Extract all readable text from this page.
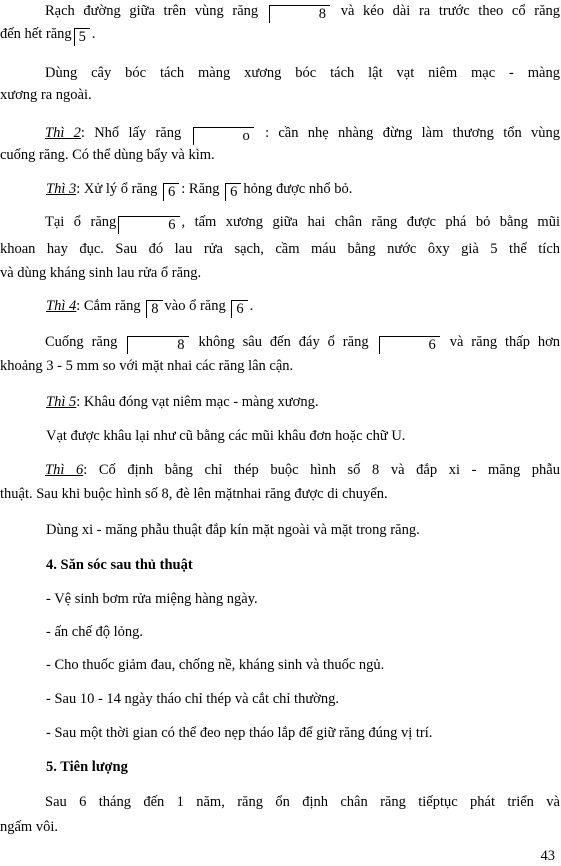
Rạch đường giữa trên vùng răng	8 và kéo dài ra trước theo cổ răng
đến hết răng 5 .
Dùng cây bóc tách màng xương bóc tách lật vạt niêm mạc - màng
xương ra ngoài.
Thì 2: Nhổ lấy răng	o : cần nhẹ nhàng đừng làm thương tổn vùng
cuống răng. Có thể dùng bẩy và kìm.
Thì 3: Xử lý ổ răng 6 : Răng 6 hỏng được nhổ bỏ.
Tại ổ răng	6 , tấm xương giữa hai chân răng được phá bỏ bằng mũi
khoan hay đục. Sau đó lau rửa sạch, cầm máu bằng nước ôxy già 5 thể tích
và dùng kháng sinh lau rửa ổ răng.
Thì 4: Cắm răng 8 vào ổ răng 6 .
Cuống răng	8 không sâu đến đáy ổ răng	6 và răng thấp hơn
khoảng 3 - 5 mm so với mặt nhai các răng lân cận.
Thì 5: Khâu đóng vạt niêm mạc - màng xương.
Vạt được khâu lại như cũ bằng các mũi khâu đơn hoặc chữ U.
Thì 6: Cố định bằng chỉ thép buộc hình số 8 và đắp xi - măng phẫu
thuật. Sau khi buộc hình số 8, đè lên mặtnhai răng được di chuyển.
Dùng xi - măng phẫu thuật đắp kín mặt ngoài và mặt trong răng.
4. Săn sóc sau thủ thuật
- Vệ sinh bơm rửa miệng hàng ngày.
- ấn chế độ lỏng.
- Cho thuốc giảm đau, chống nề, kháng sinh và thuốc ngủ.
- Sau 10 - 14 ngày tháo chỉ thép và cắt chỉ thường.
- Sau một thời gian có thể đeo nẹp tháo lắp để giữ răng đúng vị trí.
5. Tiên lượng
Sau 6 tháng đến 1 năm, răng ổn định chân răng tiếptục phát triển và
ngấm vôi.
43
